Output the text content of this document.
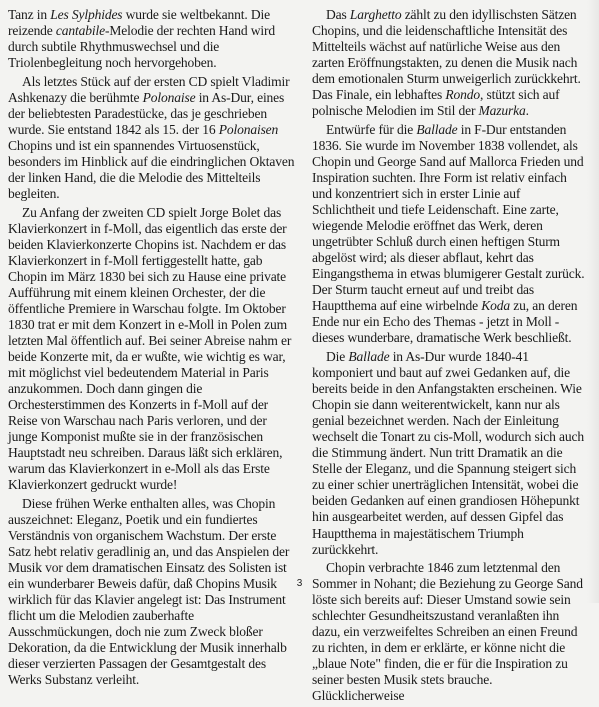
Tanz in Les Sylphides wurde sie weltbekannt. Die reizende cantabile-Melodie der rechten Hand wird durch subtile Rhythmuswechsel und die Triolenbegleitung noch hervorgehoben.

Als letztes Stück auf der ersten CD spielt Vladimir Ashkenazy die berühmte Polonaise in As-Dur, eines der beliebtesten Paradestücke, das je geschrieben wurde. Sie entstand 1842 als 15. der 16 Polonaisen Chopins und ist ein spannendes Virtuosenstück, besonders im Hinblick auf die eindringlichen Oktaven der linken Hand, die die Melodie des Mittelteils begleiten.

Zu Anfang der zweiten CD spielt Jorge Bolet das Klavierkonzert in f-Moll, das eigentlich das erste der beiden Klavierkonzerte Chopins ist. Nachdem er das Klavierkonzert in f-Moll fertiggestellt hatte, gab Chopin im März 1830 bei sich zu Hause eine private Aufführung mit einem kleinen Orchester, der die öffentliche Premiere in Warschau folgte. Im Oktober 1830 trat er mit dem Konzert in e-Moll in Polen zum letzten Mal öffentlich auf. Bei seiner Abreise nahm er beide Konzerte mit, da er wußte, wie wichtig es war, mit möglichst viel bedeutendem Material in Paris anzukommen. Doch dann gingen die Orchesterstimmen des Konzerts in f-Moll auf der Reise von Warschau nach Paris verloren, und der junge Komponist mußte sie in der französischen Hauptstadt neu schreiben. Daraus läßt sich erklären, warum das Klavierkonzert in e-Moll als das Erste Klavierkonzert gedruckt wurde!

Diese frühen Werke enthalten alles, was Chopin auszeichnet: Eleganz, Poetik und ein fundiertes Verständnis von organischem Wachstum. Der erste Satz hebt relativ geradlinig an, und das Anspielen der Musik vor dem dramatischen Einsatz des Solisten ist ein wunderbarer Beweis dafür, daß Chopins Musik wirklich für das Klavier angelegt ist: Das Instrument flicht um die Melodien zauberhafte Ausschmückungen, doch nie zum Zweck bloßer Dekoration, da die Entwicklung der Musik innerhalb dieser verzierten Passagen der Gesamtgestalt des Werks Substanz verleiht.

Das Larghetto zählt zu den idyllischsten Sätzen Chopins, und die leidenschaftliche Intensität des Mittelteils wächst auf natürliche Weise aus den zarten Eröffnungstakten, zu denen die Musik nach dem emotionalen Sturm unweigerlich zurückkehrt. Das Finale, ein lebhaftes Rondo, stützt sich auf polnische Melodien im Stil der Mazurka.

Entwürfe für die Ballade in F-Dur entstanden 1836. Sie wurde im November 1838 vollendet, als Chopin und George Sand auf Mallorca Frieden und Inspiration suchten. Ihre Form ist relativ einfach und konzentriert sich in erster Linie auf Schlichtheit und tiefe Leidenschaft. Eine zarte, wiegende Melodie eröffnet das Werk, deren ungetrübter Schluß durch einen heftigen Sturm abgelöst wird; als dieser abflaut, kehrt das Eingangsthema in etwas blumigerer Gestalt zurück. Der Sturm taucht erneut auf und treibt das Hauptthema auf eine wirbelnde Koda zu, an deren Ende nur ein Echo des Themas - jetzt in Moll - dieses wunderbare, dramatische Werk beschließt.

Die Ballade in As-Dur wurde 1840-41 komponiert und baut auf zwei Gedanken auf, die bereits beide in den Anfangstakten erscheinen. Wie Chopin sie dann weiterentwickelt, kann nur als genial bezeichnet werden. Nach der Einleitung wechselt die Tonart zu cis-Moll, wodurch sich auch die Stimmung ändert. Nun tritt Dramatik an die Stelle der Eleganz, und die Spannung steigert sich zu einer schier unerträglichen Intensität, wobei die beiden Gedanken auf einen grandiosen Höhepunkt hin ausgearbeitet werden, auf dessen Gipfel das Hauptthema in majestätischem Triumph zurückkehrt.

Chopin verbrachte 1846 zum letztenmal den Sommer in Nohant; die Beziehung zu George Sand löste sich bereits auf: Dieser Umstand sowie sein schlechter Gesundheitszustand veranlaßten ihn dazu, ein verzweifeltes Schreiben an einen Freund zu richten, in dem er erklärte, er könne nicht die „blaue Note" finden, die er für die Inspiration zu seiner besten Musik stets brauche. Glücklicherweise

3
